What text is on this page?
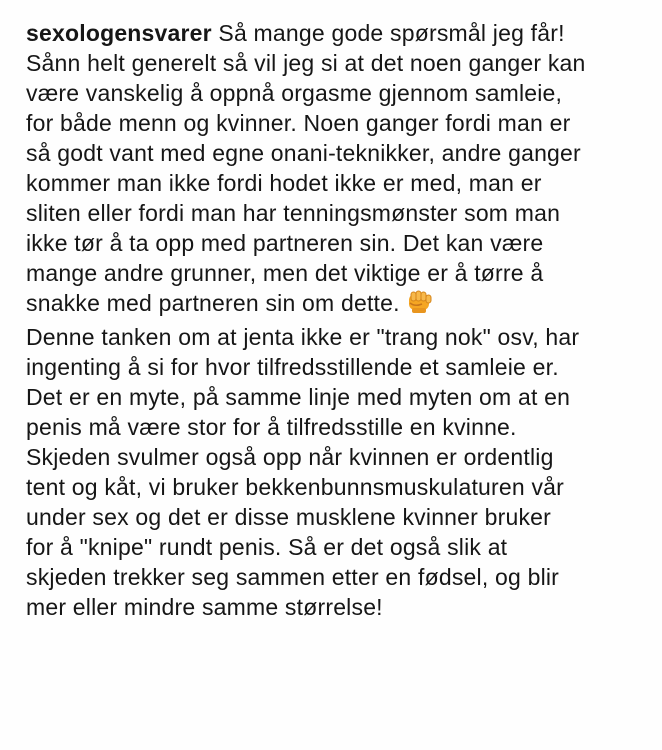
sexologensvarer Så mange gode spørsmål jeg får!

Sånn helt generelt så vil jeg si at det noen ganger kan
være vanskelig å oppnå orgasme gjennom samleie,
for både menn og kvinner. Noen ganger fordi man er
så godt vant med egne onani-teknikker, andre ganger
kommer man ikke fordi hodet ikke er med, man er
sliten eller fordi man har tenningsmønster som man
ikke tør å ta opp med partneren sin. Det kan være
mange andre grunner, men det viktige er å tørre å
snakke med partneren sin om dette.

Denne tanken om at jenta ikke er "trang nok" osv, har
ingenting å si for hvor tilfredsstillende et samleie er.
Det er en myte, på samme linje med myten om at en
penis må være stor for å tilfredsstille en kvinne.

Skjeden svulmer også opp når kvinnen er ordentlig
tent og kåt, vi bruker bekkenbunnsmuskulaturen vår
under sex og det er disse musklene kvinner bruker
for å "knipe" rundt penis. Så er det også slik at
skjeden trekker seg sammen etter en fødsel, og blir
mer eller mindre samme størrelse!
